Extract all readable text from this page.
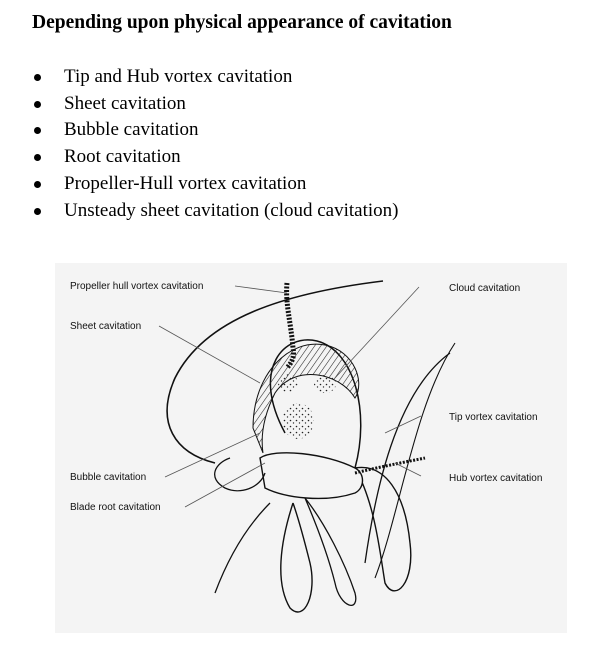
Depending upon physical appearance of cavitation
Tip and Hub vortex cavitation
Sheet cavitation
Bubble cavitation
Root cavitation
Propeller-Hull vortex cavitation
Unsteady sheet cavitation (cloud cavitation)
Propeller hull vortex cavitation
Sheet cavitation
Bubble cavitation
Blade root cavitation
Cloud cavitation
Tip vortex cavitation
Hub vortex cavitation
